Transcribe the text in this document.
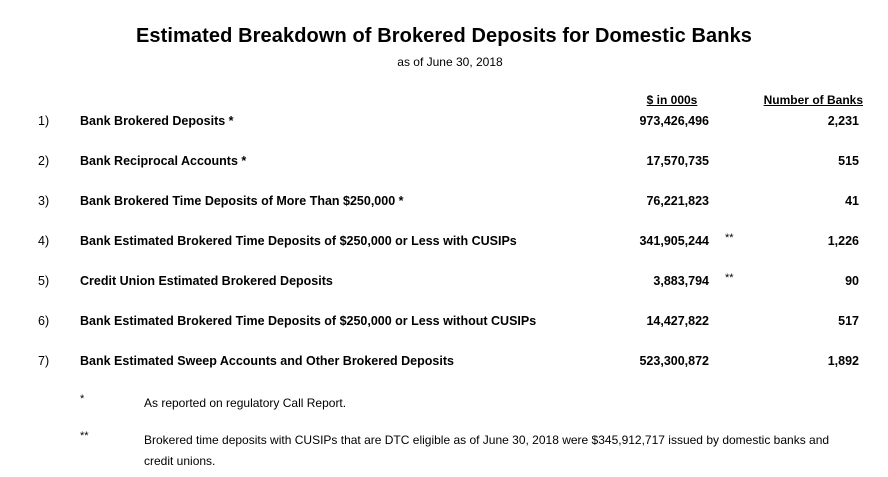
Estimated Breakdown of Brokered Deposits for Domestic Banks
as of June 30, 2018
$ in 000s	Number of Banks
1) Bank Brokered Deposits *	973,426,496	2,231
2) Bank Reciprocal Accounts *	17,570,735	515
3) Bank Brokered Time Deposits of More Than $250,000 *	76,221,823	41
4) Bank Estimated Brokered Time Deposits of $250,000 or Less with CUSIPs	341,905,244 **	1,226
5) Credit Union Estimated Brokered Deposits	3,883,794 **	90
6) Bank Estimated Brokered Time Deposits of $250,000 or Less without CUSIPs	14,427,822	517
7) Bank Estimated Sweep Accounts and Other Brokered Deposits	523,300,872	1,892
*	As reported on regulatory Call Report.
**	Brokered time deposits with CUSIPs that are DTC eligible as of June 30, 2018 were $345,912,717 issued by domestic banks and credit unions.
